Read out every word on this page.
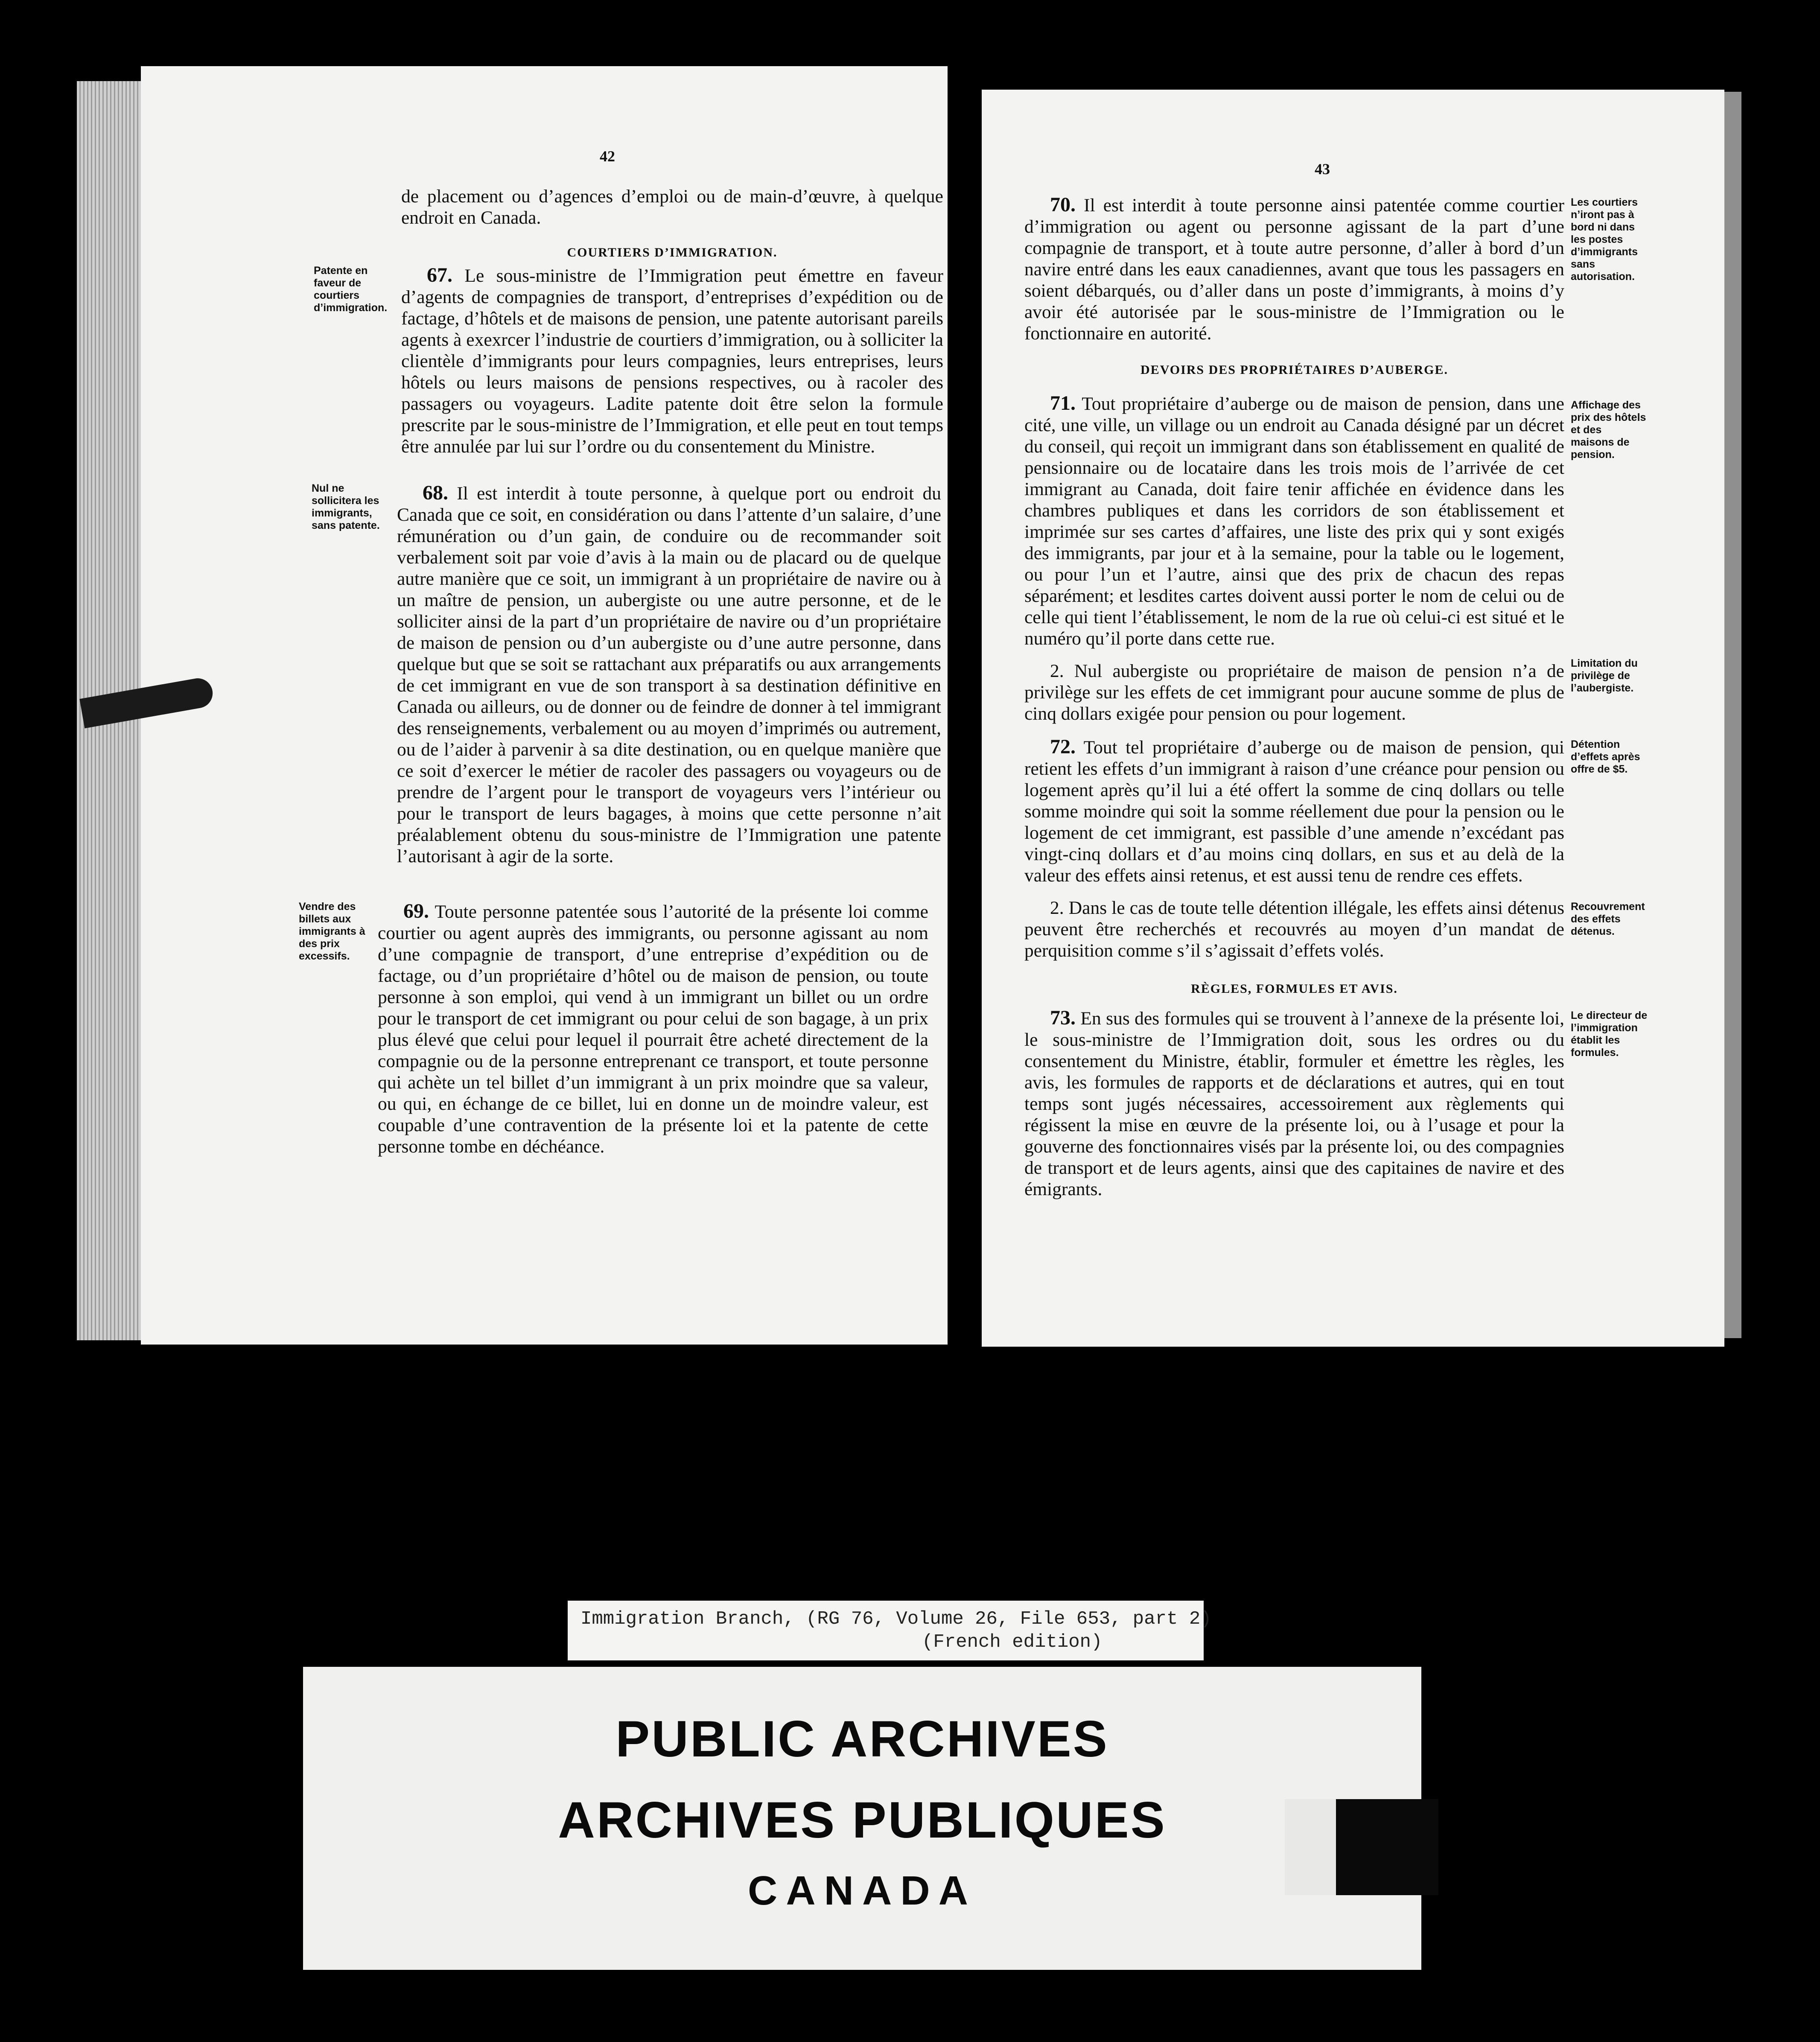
42

de placement ou d’agences d’emploi ou de main-d’œuvre, à quelque endroit en Canada.

COURTIERS D’IMMIGRATION.
Patente en faveur de courtiers d’immigration.

67. Le sous-ministre de l’Immigration peut émettre en faveur d’agents de compagnies de transport, d’entreprises d’expédition ou de factage, d’hôtels et de maisons de pension, une patente autorisant pareils agents à exexrcer l’industrie de courtiers d’immigration, ou à solliciter la clientèle d’immigrants pour leurs compagnies, leurs entreprises, leurs hôtels ou leurs maisons de pensions respectives, ou à racoler des passagers ou voyageurs. Ladite patente doit être selon la formule prescrite par le sous-ministre de l’Immigration, et elle peut en tout temps être annulée par lui sur l’ordre ou du consentement du Ministre.

Nul ne sollicitera les immigrants, sans patente.

68. Il est interdit à toute personne, à quelque port ou endroit du Canada que ce soit, en considération ou dans l’attente d’un salaire, d’une rémunération ou d’un gain, de conduire ou de recommander soit verbalement soit par voie d’avis à la main ou de placard ou de quelque autre manière que ce soit, un immigrant à un propriétaire de navire ou à un maître de pension, un aubergiste ou une autre personne, et de le solliciter ainsi de la part d’un propriétaire de navire ou d’un propriétaire de maison de pension ou d’un aubergiste ou d’une autre personne, dans quelque but que se soit se rattachant aux préparatifs ou aux arrangements de cet immigrant en vue de son transport à sa destination définitive en Canada ou ailleurs, ou de donner ou de feindre de donner à tel immigrant des renseignements, verbalement ou au moyen d’imprimés ou autrement, ou de l’aider à parvenir à sa dite destination, ou en quelque manière que ce soit d’exercer le métier de racoler des passagers ou voyageurs ou de prendre de l’argent pour le transport de voyageurs vers l’intérieur ou pour le transport de leurs bagages, à moins que cette personne n’ait préalablement obtenu du sous-ministre de l’Immigration une patente l’autorisant à agir de la sorte.

Vendre des billets aux immigrants à des prix excessifs.

69. Toute personne patentée sous l’autorité de la présente loi comme courtier ou agent auprès des immigrants, ou personne agissant au nom d’une compagnie de transport, d’une entreprise d’expédition ou de factage, ou d’un propriétaire d’hôtel ou de maison de pension, ou toute personne à son emploi, qui vend à un immigrant un billet ou un ordre pour le transport de cet immigrant ou pour celui de son bagage, à un prix plus élevé que celui pour lequel il pourrait être acheté directement de la compagnie ou de la personne entreprenant ce transport, et toute personne qui achète un tel billet d’un immigrant à un prix moindre que sa valeur, ou qui, en échange de ce billet, lui en donne un de moindre valeur, est coupable d’une contravention de la présente loi et la patente de cette personne tombe en déchéance.

43

70. Il est interdit à toute personne ainsi patentée comme courtier d’immigration ou agent ou personne agissant de la part d’une compagnie de transport, et à toute autre personne, d’aller à bord d’un navire entré dans les eaux canadiennes, avant que tous les passagers en soient débarqués, ou d’aller dans un poste d’immigrants, à moins d’y avoir été autorisée par le sous-ministre de l’Immigration ou le fonctionnaire en autorité.

Les courtiers n’iront pas à bord ni dans les postes d’immigrants sans autorisation.
DEVOIRS DES PROPRIÉTAIRES D’AUBERGE.

71. Tout propriétaire d’auberge ou de maison de pension, dans une cité, une ville, un village ou un endroit au Canada désigné par un décret du conseil, qui reçoit un immigrant dans son établissement en qualité de pensionnaire ou de locataire dans les trois mois de l’arrivée de cet immigrant au Canada, doit faire tenir affichée en évidence dans les chambres publiques et dans les corridors de son établissement et imprimée sur ses cartes d’affaires, une liste des prix qui y sont exigés des immigrants, par jour et à la semaine, pour la table ou le logement, ou pour l’un et l’autre, ainsi que des prix de chacun des repas séparément; et lesdites cartes doivent aussi porter le nom de celui ou de celle qui tient l’établissement, le nom de la rue où celui-ci est situé et le numéro qu’il porte dans cette rue.

2. Nul aubergiste ou propriétaire de maison de pension n’a de privilège sur les effets de cet immigrant pour aucune somme de plus de cinq dollars exigée pour pension ou pour logement.

Affichage des prix des hôtels et des maisons de pension.
Limitation du privilège de l’aubergiste.

72. Tout tel propriétaire d’auberge ou de maison de pension, qui retient les effets d’un immigrant à raison d’une créance pour pension ou logement après qu’il lui a été offert la somme de cinq dollars ou telle somme moindre qui soit la somme réellement due pour la pension ou le logement de cet immigrant, est passible d’une amende n’excédant pas vingt-cinq dollars et d’au moins cinq dollars, en sus et au delà de la valeur des effets ainsi retenus, et est aussi tenu de rendre ces effets.

2. Dans le cas de toute telle détention illégale, les effets ainsi détenus peuvent être recherchés et recouvrés au moyen d’un mandat de perquisition comme s’il s’agissait d’effets volés.

Détention d’effets après offre de $5.
Recouvrement des effets détenus.
RÈGLES, FORMULES ET AVIS.

73. En sus des formules qui se trouvent à l’annexe de la présente loi, le sous-ministre de l’Immigration doit, sous les ordres ou du consentement du Ministre, établir, formuler et émettre les règles, les avis, les formules de rapports et de déclarations et autres, qui en tout temps sont jugés nécessaires, accessoirement aux règlements qui régissent la mise en œuvre de la présente loi, ou à l’usage et pour la gouverne des fonctionnaires visés par la présente loi, ou des compagnies de transport et de leurs agents, ainsi que des capitaines de navire et des émigrants.

Le directeur de l’immigration établit les formules.
Immigration Branch, (RG 76, Volume 26, File 653, part 2)
(French edition)
PUBLIC ARCHIVES
ARCHIVES PUBLIQUES
CANADA
